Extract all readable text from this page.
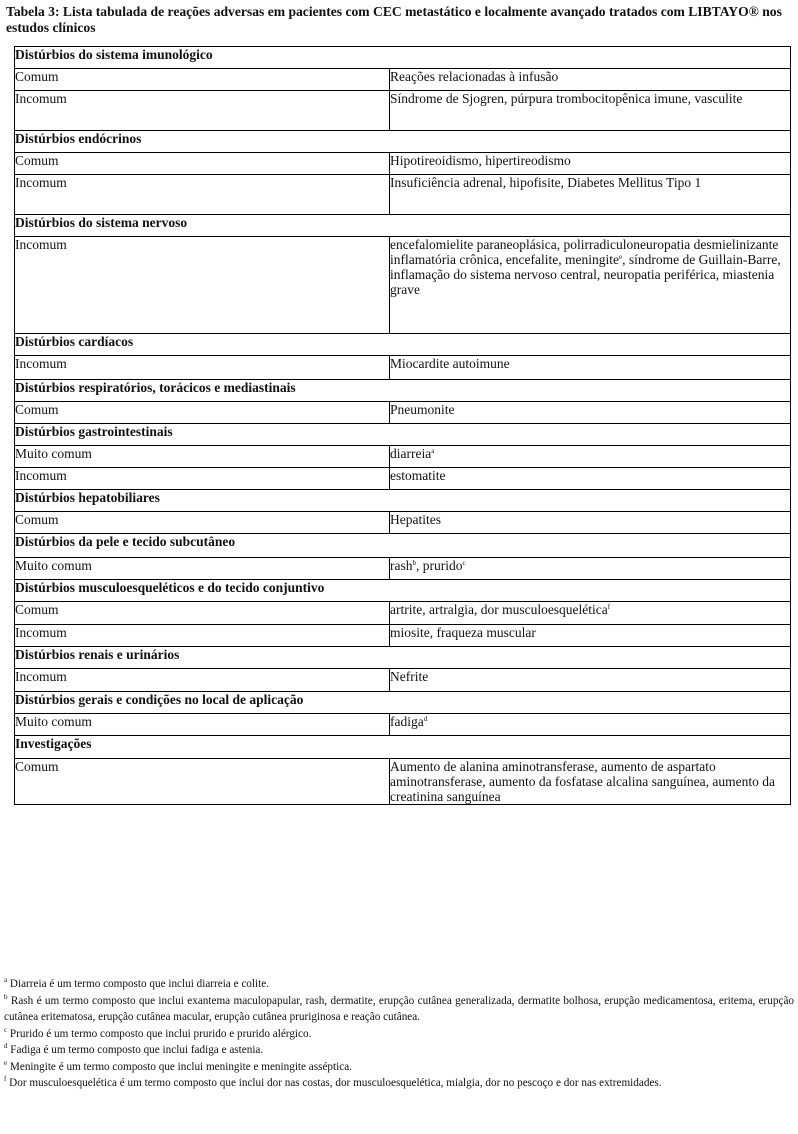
Tabela 3: Lista tabulada de reações adversas em pacientes com CEC metastático e localmente avançado tratados com LIBTAYO® nos estudos clínicos
Distúrbios do sistema imunológico	
Comum	Reações relacionadas à infusão
Incomum	Síndrome de Sjogren, púrpura trombocitopênica imune, vasculite
Distúrbios endócrinos	
Comum	Hipotireoidismo, hipertireodismo
Incomum	Insuficiência adrenal, hipofisite, Diabetes Mellitus Tipo 1
Distúrbios do sistema nervoso	
Incomum	encefalomielite paraneoplásica, polirradiculoneuropatia desmielinizante inflamatória crônica, encefalite, meningite$^e$, síndrome de Guillain-Barre, inflamação do sistema nervoso central, neuropatia periférica, miastenia grave
Distúrbios cardíacos	
Incomum	Miocardite autoimune
Distúrbios respiratórios, torácicos e mediastinais	
Comum	Pneumonite
Distúrbios gastrointestinais	
Muito comum	diarreia$^a$
Incomum	estomatite
Distúrbios hepatobiliares	
Comum	Hepatites
Distúrbios da pele e tecido subcutâneo	
Muito comum	rash$^b$, prurido$^c$
Distúrbios musculoesqueléticos e do tecido conjuntivo	
Comum	artrite, artralgia, dor musculoesquelética$^f$
Incomum	miosite, fraqueza muscular
Distúrbios renais e urinários	
Incomum	Nefrite
Distúrbios gerais e condições no local de aplicação	
Muito comum	fadiga$^d$
Investigações	
Comum	Aumento de alanina aminotransferase, aumento de aspartato aminotransferase, aumento da fosfatase alcalina sanguínea, aumento da creatinina sanguínea

$^a$ Diarreia é um termo composto que inclui diarreia e colite.

$^b$ Rash é um termo composto que inclui exantema maculopapular, rash, dermatite, erupção cutânea generalizada, dermatite bolhosa, erupção medicamentosa, eritema, erupção cutânea eritematosa, erupção cutânea macular, erupção cutânea pruriginosa e reação cutânea.

$^c$ Prurido é um termo composto que inclui prurido e prurido alérgico.

$^d$ Fadiga é um termo composto que inclui fadiga e astenia.

$^e$ Meningite é um termo composto que inclui meningite e meningite asséptica.

$^f$ Dor musculoesquelética é um termo composto que inclui dor nas costas, dor musculoesquelética, mialgia, dor no pescoço e dor nas extremidades.
